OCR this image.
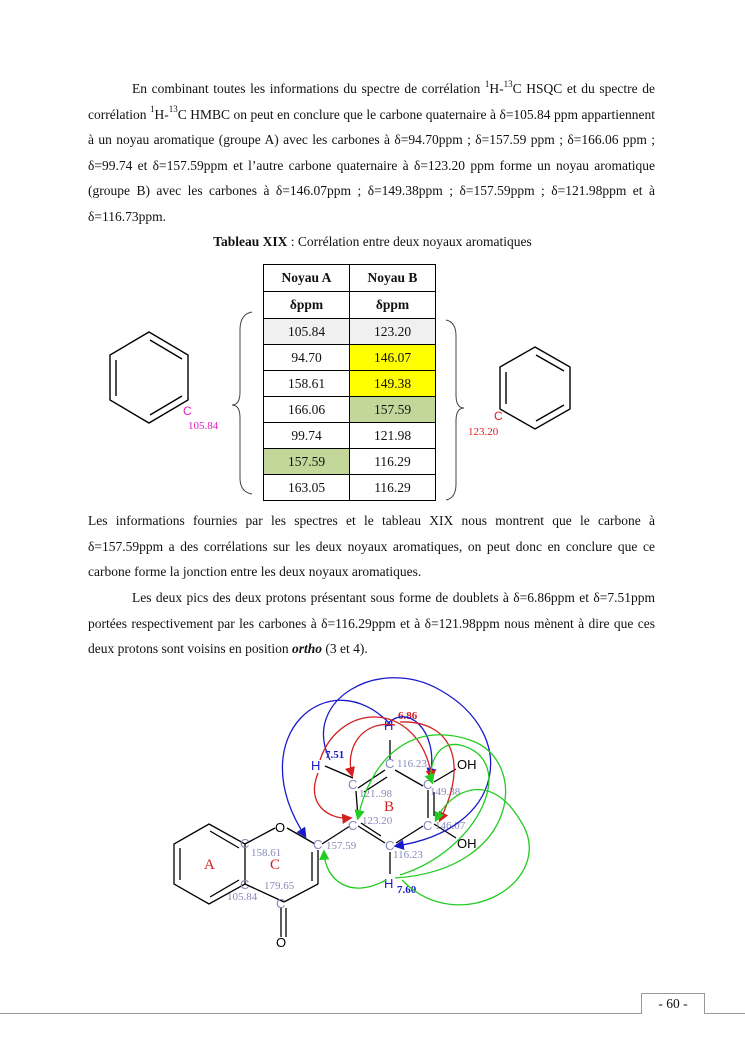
En combinant toutes les informations du spectre de corrélation $^1$H-$^{13}$C HSQC et du spectre de corrélation $^1$H-$^{13}$C HMBC on peut en conclure que le carbone quaternaire à δ=105.84 ppm appartiennent à un noyau aromatique (groupe A) avec les carbones à δ=94.70ppm ; δ=157.59 ppm ; δ=166.06 ppm ; δ=99.74 et δ=157.59ppm et l’autre carbone quaternaire à δ=123.20 ppm forme un noyau aromatique (groupe B) avec les carbones à δ=146.07ppm ; δ=149.38ppm ; δ=157.59ppm ; δ=121.98ppm et à δ=116.73ppm.

Tableau XIX : Corrélation entre deux noyaux aromatiques

Noyau A	Noyau B
δppm	δppm
105.84	123.20
94.70	146.07
158.61	149.38
166.06	157.59
99.74	121.98
157.59	116.29
163.05	116.29
C
105.84
C
123.20

Les informations fournies par les spectres et le tableau XIX nous montrent que le carbone à δ=157.59ppm a des corrélations sur les deux noyaux aromatiques, on peut donc en conclure que ce carbone forme la jonction entre les deux noyaux aromatiques.

Les deux pics des deux protons présentant sous forme de doublets à δ=6.86ppm et δ=7.51ppm portées respectivement par les carbones à δ=116.29ppm et à δ=121.98ppm nous mènent à dire que ces deux protons sont voisins en position ortho (3 et 4).

O
O
C
C
C
C
C
C
C
C
C
C
H
H
H
OH
OH
A	C
B
116.23
121..98	149.38
146.07
116.23
123.20
157.59
158.61
179.65
105.84
6.86
7.51
7.60
- 60 -
